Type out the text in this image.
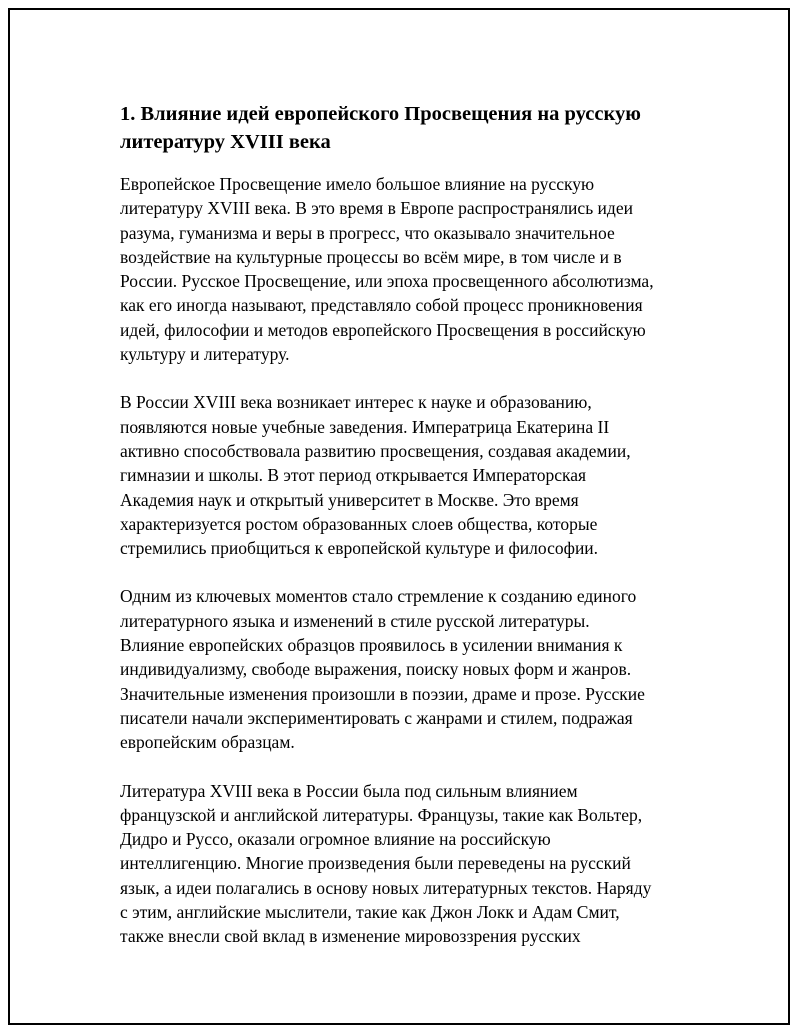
1. Влияние идей европейского Просвещения на русскую
литературу XVIII века

Европейское Просвещение имело большое влияние на русскую
литературу XVIII века. В это время в Европе распространялись идеи
разума, гуманизма и веры в прогресс, что оказывало значительное
воздействие на культурные процессы во всём мире, в том числе и в
России. Русское Просвещение, или эпоха просвещенного абсолютизма,
как его иногда называют, представляло собой процесс проникновения
идей, философии и методов европейского Просвещения в российскую
культуру и литературу.

В России XVIII века возникает интерес к науке и образованию,
появляются новые учебные заведения. Императрица Екатерина II
активно способствовала развитию просвещения, создавая академии,
гимназии и школы. В этот период открывается Императорская
Академия наук и открытый университет в Москве. Это время
характеризуется ростом образованных слоев общества, которые
стремились приобщиться к европейской культуре и философии.

Одним из ключевых моментов стало стремление к созданию единого
литературного языка и изменений в стиле русской литературы.
Влияние европейских образцов проявилось в усилении внимания к
индивидуализму, свободе выражения, поиску новых форм и жанров.
Значительные изменения произошли в поэзии, драме и прозе. Русские
писатели начали экспериментировать с жанрами и стилем, подражая
европейским образцам.

Литература XVIII века в России была под сильным влиянием
французской и английской литературы. Французы, такие как Вольтер,
Дидро и Руссо, оказали огромное влияние на российскую
интеллигенцию. Многие произведения были переведены на русский
язык, а идеи полагались в основу новых литературных текстов. Наряду
с этим, английские мыслители, такие как Джон Локк и Адам Смит,
также внесли свой вклад в изменение мировоззрения русских
